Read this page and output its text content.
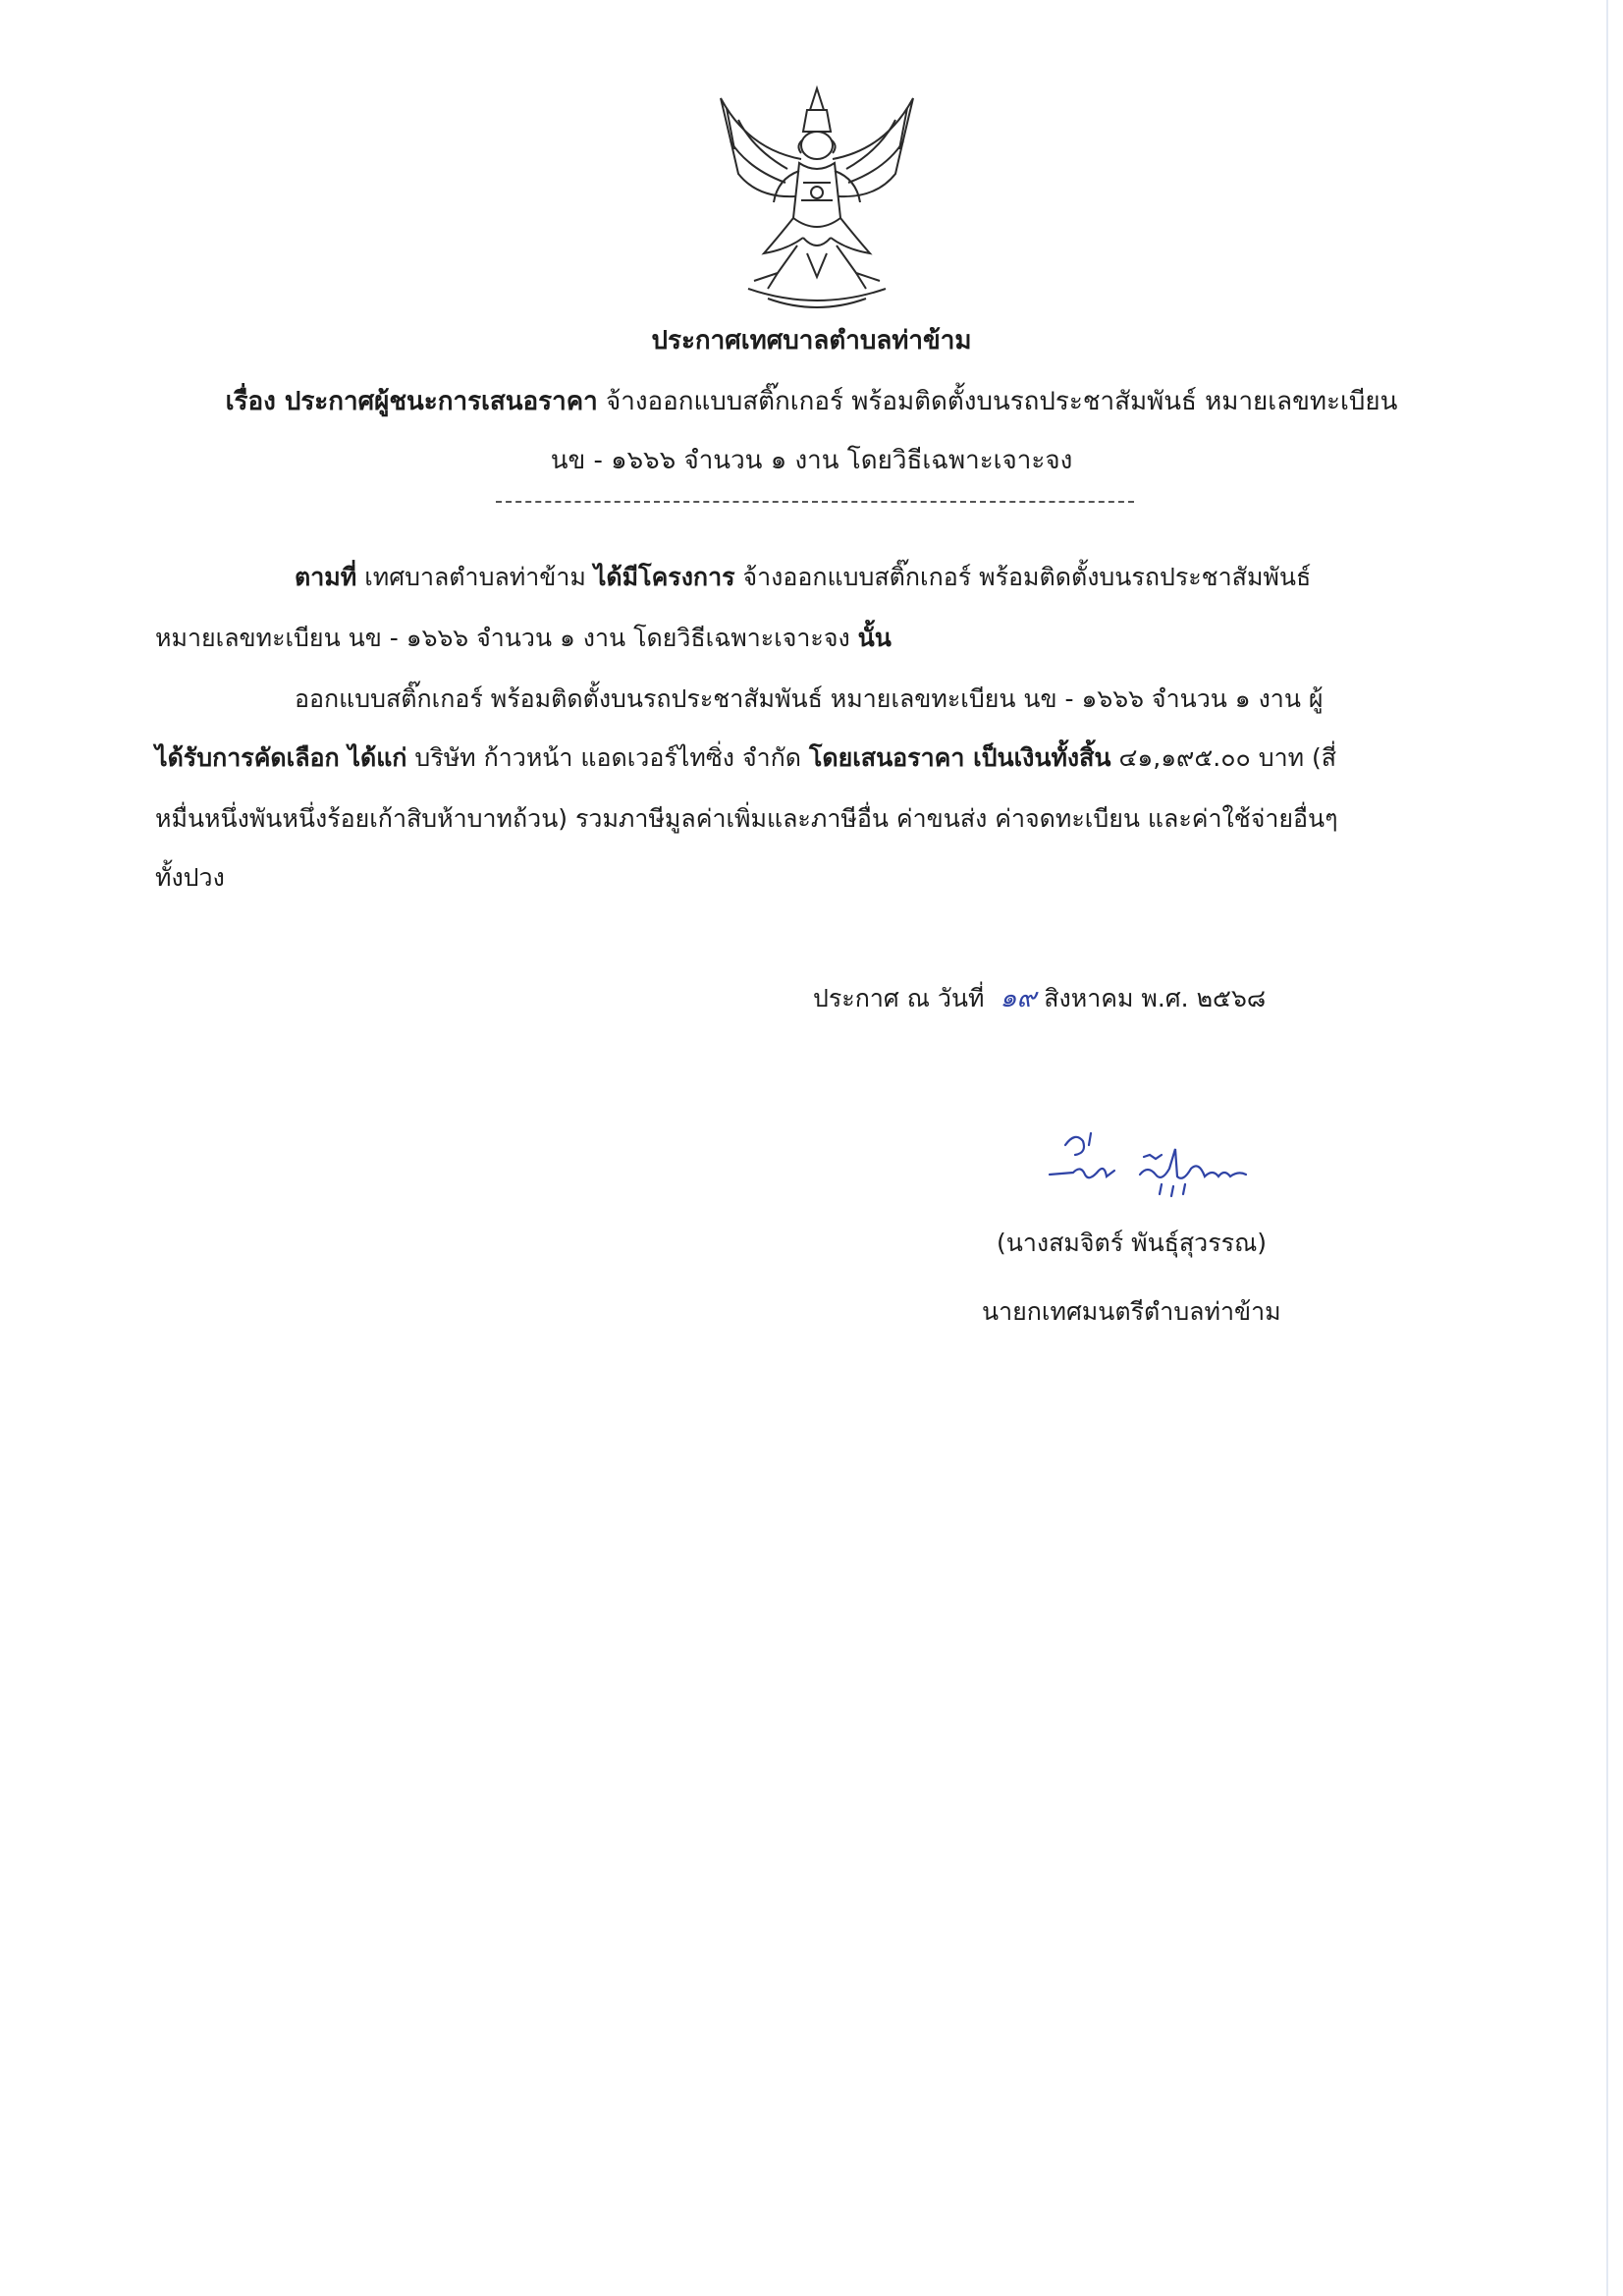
ประกาศเทศบาลตำบลท่าข้าม
เรื่อง ประกาศผู้ชนะการเสนอราคา จ้างออกแบบสติ๊กเกอร์ พร้อมติดตั้งบนรถประชาสัมพันธ์ หมายเลขทะเบียน
นข - ๑๖๖๖ จำนวน ๑ งาน โดยวิธีเฉพาะเจาะจง
ตามที่ เทศบาลตำบลท่าข้าม ได้มีโครงการ จ้างออกแบบสติ๊กเกอร์ พร้อมติดตั้งบนรถประชาสัมพันธ์
หมายเลขทะเบียน นข - ๑๖๖๖ จำนวน ๑ งาน โดยวิธีเฉพาะเจาะจง นั้น
ออกแบบสติ๊กเกอร์ พร้อมติดตั้งบนรถประชาสัมพันธ์ หมายเลขทะเบียน นข - ๑๖๖๖ จำนวน ๑ งาน ผู้
ได้รับการคัดเลือก ได้แก่ บริษัท ก้าวหน้า แอดเวอร์ไทซิ่ง จำกัด โดยเสนอราคา เป็นเงินทั้งสิ้น ๔๑,๑๙๕.๐๐ บาท (สี่
หมื่นหนึ่งพันหนึ่งร้อยเก้าสิบห้าบาทถ้วน) รวมภาษีมูลค่าเพิ่มและภาษีอื่น ค่าขนส่ง ค่าจดทะเบียน และค่าใช้จ่ายอื่นๆ
ทั้งปวง
ประกาศ ณ วันที่ ๑๙ สิงหาคม พ.ศ. ๒๕๖๘
(นางสมจิตร์ พันธุ์สุวรรณ)
นายกเทศมนตรีตำบลท่าข้าม
